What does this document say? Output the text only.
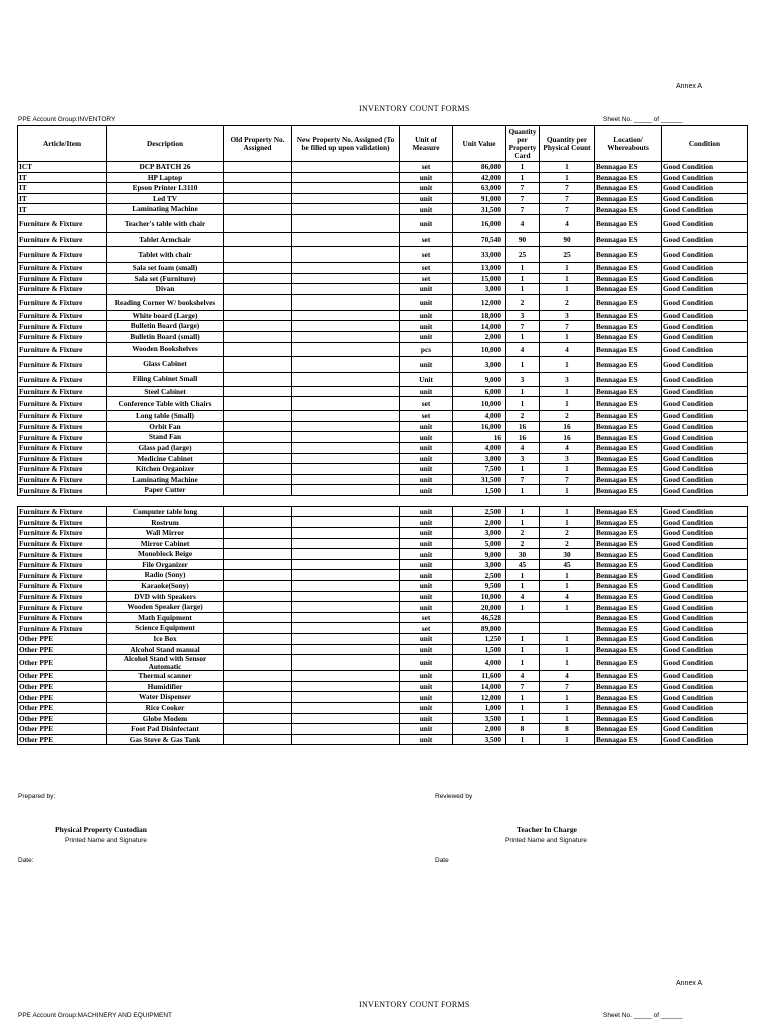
Annex A
INVENTORY COUNT FORMS
PPE Account Group:INVENTORY	Sheet No. _____ of ______
Article/Item	Description	Old Property No. Assigned	New Property No. Assigned (To be filled up upon validation)	Unit of Measure	Unit Value	Quantity per Property Card	Quantity per Physical Count	Location/ Whereabouts	Condition
ICT	DCP BATCH 26			set	86,080	1	1	Bennagao ES	Good Condition
IT	HP Laptop			unit	42,000	1	1	Bennagao ES	Good Condition
IT	Epson Printer L3110			unit	63,000	7	7	Bennagao ES	Good Condition
IT	Led TV			unit	91,000	7	7	Bennagao ES	Good Condition
IT	Laminating Machine			unit	31,500	7	7	Bennagao ES	Good Condition
Furniture & Fixture	Teacher's table with chair			unit	16,000	4	4	Bennagao ES	Good Condition
Furniture & Fixture	Tablet Armchair			set	70,540	90	90	Bennagao ES	Good Condition
Furniture & Fixture	Tablet with chair			set	33,000	25	25	Bennagao ES	Good Condition
Furniture & Fixture	Sala set foam (small)			set	13,000	1	1	Bennagao ES	Good Condition
Furniture & Fixture	Sala set (Furniture)			set	15,000	1	1	Bennagao ES	Good Condition
Furniture & Fixture	Divan			unit	3,000	1	1	Bennagao ES	Good Condition
Furniture & Fixture	Reading Corner W/ bookshelves			unit	12,000	2	2	Bennagao ES	Good Condition
Furniture & Fixture	White board (Large)			unit	18,000	3	3	Bennagao ES	Good Condition
Furniture & Fixture	Bulletin Board (large)			unit	14,000	7	7	Bennagao ES	Good Condition
Furniture & Fixture	Bulletin Board (small)			unit	2,000	1	1	Bennagao ES	Good Condition
Furniture & Fixture	Wooden Bookshelves			pcs	10,000	4	4	Bennagao ES	Good Condition
Furniture & Fixture	Glass Cabinet			unit	3,000	1	1	Bennagao ES	Good Condition
Furniture & Fixture	Filing Cabinet Small			Unit	9,000	3	3	Bennagao ES	Good Condition
Furniture & Fixture	Steel Cabinet			unit	6,000	1	1	Bennagao ES	Good Condition
Furniture & Fixture	Conference Table with Chairs			set	10,000	1	1	Bennagao ES	Good Condition
Furniture & Fixture	Long table (Small)			set	4,000	2	2	Bennagao ES	Good Condition
Furniture & Fixture	Orbit Fan			unit	16,000	16	16	Bennagao ES	Good Condition
Furniture & Fixture	Stand Fan			unit	16	16	16	Bennagao ES	Good Condition
Furniture & Fixture	Glass pad (large)			unit	4,000	4	4	Bennagao ES	Good Condition
Furniture & Fixture	Medicine Cabinet			unit	3,000	3	3	Bennagao ES	Good Condition
Furniture & Fixture	Kitchen Organizer			unit	7,500	1	1	Bennagao ES	Good Condition
Furniture & Fixture	Laminating Machine			unit	31,500	7	7	Bennagao ES	Good Condition
Furniture & Fixture	Paper Cutter			unit	1,500	1	1	Bennagao ES	Good Condition

Furniture & Fixture	Computer table long			unit	2,500	1	1	Bennagao ES	Good Condition
Furniture & Fixture	Rostrum			unit	2,000	1	1	Bennagao ES	Good Condition
Furniture & Fixture	Wall Mirror			unit	3,000	2	2	Bennagao ES	Good Condition
Furniture & Fixture	Mirror Cabinet			unit	5,000	2	2	Bennagao ES	Good Condition
Furniture & Fixture	Monoblock Beige			unit	9,000	30	30	Bennagao ES	Good Condition
Furniture & Fixture	File Organizer			unit	3,000	45	45	Bennagao ES	Good Condition
Furniture & Fixture	Radio (Sony)			unit	2,500	1	1	Bennagao ES	Good Condition
Furniture & Fixture	Karaoke(Sony)			unit	9,500	1	1	Bennagao ES	Good Condition
Furniture & Fixture	DVD with Speakers			unit	10,000	4	4	Bennagao ES	Good Condition
Furniture & Fixture	Wooden Speaker (large)			unit	20,000	1	1	Bennagao ES	Good Condition
Furniture & Fixture	Math Equipment			set	46,528			Bennagao ES	Good Condition
Furniture & Fixture	Science Equipment			set	89,000			Bennagao ES	Good Condition
Other PPE	Ice Box			unit	1,250	1	1	Bennagao ES	Good Condition
Other PPE	Alcohol Stand manual			unit	1,500	1	1	Bennagao ES	Good Condition
Other PPE	Alcohol Stand with Sensor Automatic			unit	4,000	1	1	Bennagao ES	Good Condition
Other PPE	Thermal scanner			unit	11,600	4	4	Bennagao ES	Good Condition
Other PPE	Humidifier			unit	14,000	7	7	Bennagao ES	Good Condition
Other PPE	Water Dispenser			unit	12,000	1	1	Bennagao ES	Good Condition
Other PPE	Rice Cooker			unit	1,000	1	1	Bennagao ES	Good Condition
Other PPE	Globe Modem			unit	3,500	1	1	Bennagao ES	Good Condition
Other PPE	Foot Pad Disinfectant			unit	2,000	8	8	Bennagao ES	Good Condition
Other PPE	Gas Stove & Gas Tank			unit	3,500	1	1	Bennagao ES	Good Condition
Prepared by:	Reviewed by
Physical Property Custodian
Printed Name and Signature
Teacher In Charge
Printed Name and Signature
Date:	Date
Annex A
INVENTORY COUNT FORMS
PPE Account Group:MACHINERY AND EQUIPMENT	Sheet No. _____ of ______
